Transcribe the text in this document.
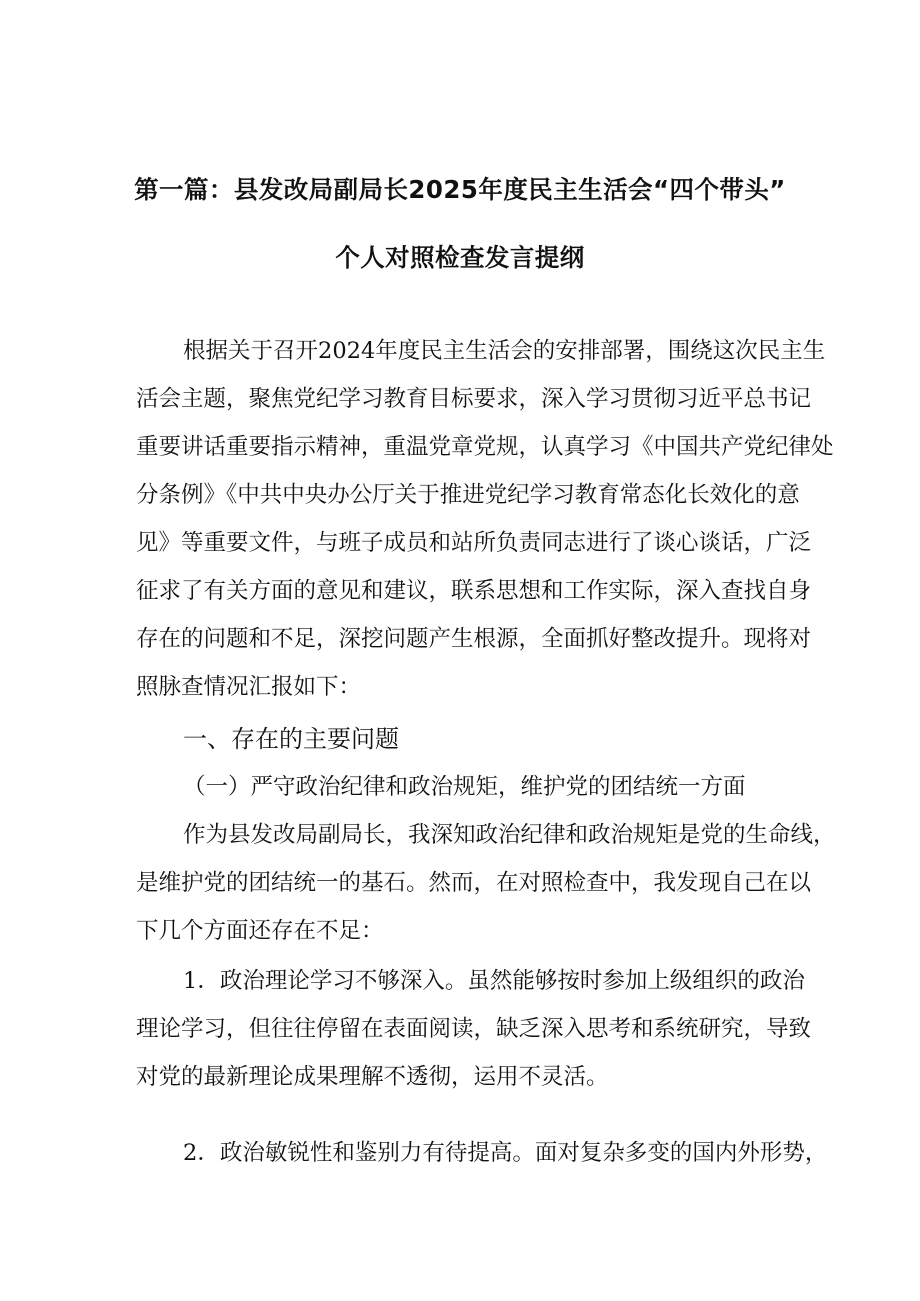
第一篇：县发改局副局长2025年度民主生活会“四个带头”
个人对照检查发言提纲
根据关于召开2024年度民主生活会的安排部署，围绕这次民主生
活会主题，聚焦党纪学习教育目标要求，深入学习贯彻习近平总书记
重要讲话重要指示精神，重温党章党规，认真学习《中国共产党纪律处
分条例》《中共中央办公厅关于推进党纪学习教育常态化长效化的意
见》等重要文件，与班子成员和站所负责同志进行了谈心谈话，广泛
征求了有关方面的意见和建议，联系思想和工作实际，深入查找自身
存在的问题和不足，深挖问题产生根源，全面抓好整改提升。现将对
照脉查情况汇报如下：
一、存在的主要问题
（一）严守政治纪律和政治规矩，维护党的团结统一方面
作为县发改局副局长，我深知政治纪律和政治规矩是党的生命线，
是维护党的团结统一的基石。然而，在对照检查中，我发现自己在以
下几个方面还存在不足：
1．政治理论学习不够深入。虽然能够按时参加上级组织的政治
理论学习，但往往停留在表面阅读，缺乏深入思考和系统研究，导致
对党的最新理论成果理解不透彻，运用不灵活。
2．政治敏锐性和鉴别力有待提高。面对复杂多变的国内外形势，
